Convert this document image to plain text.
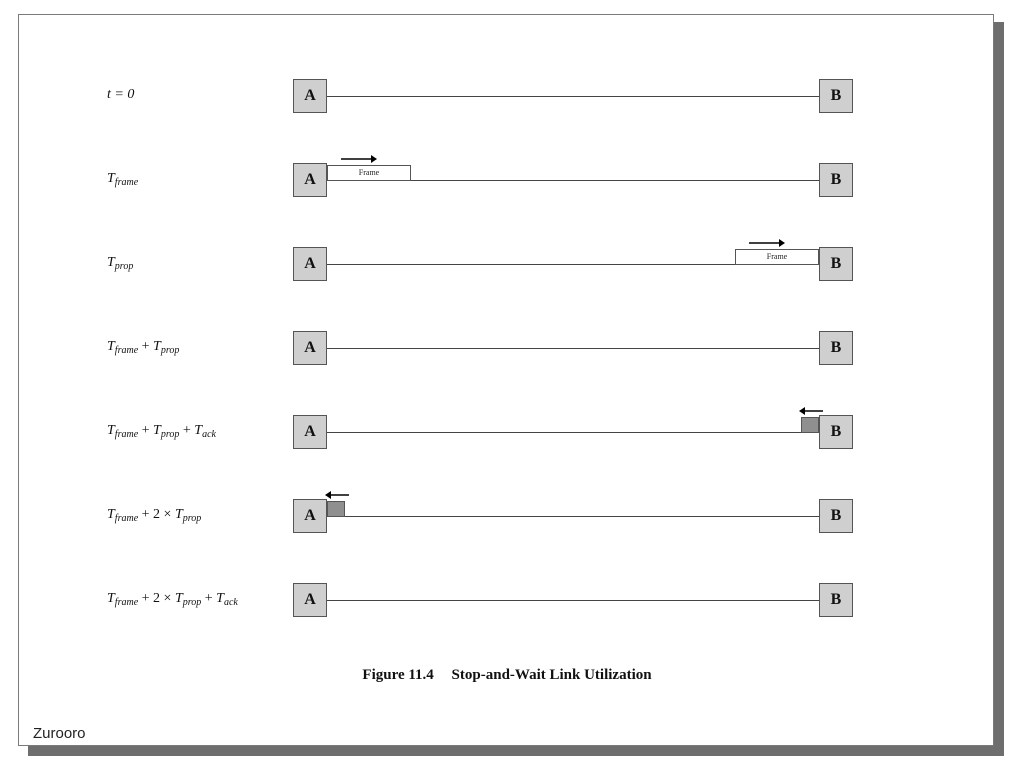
t = 0	A	B
$T_{frame}$	A	B
Frame
$T_{prop}$	A	B
Frame
$T_{frame} + T_{prop}$	A	B
$T_{frame} + T_{prop} + T_{ack}$	A	B
$T_{frame} + 2 \times T_{prop}$	A	B
$T_{frame} + 2 \times T_{prop} + T_{ack}$	A	B
Figure 11.4 Stop-and-Wait Link Utilization
Zurooro
